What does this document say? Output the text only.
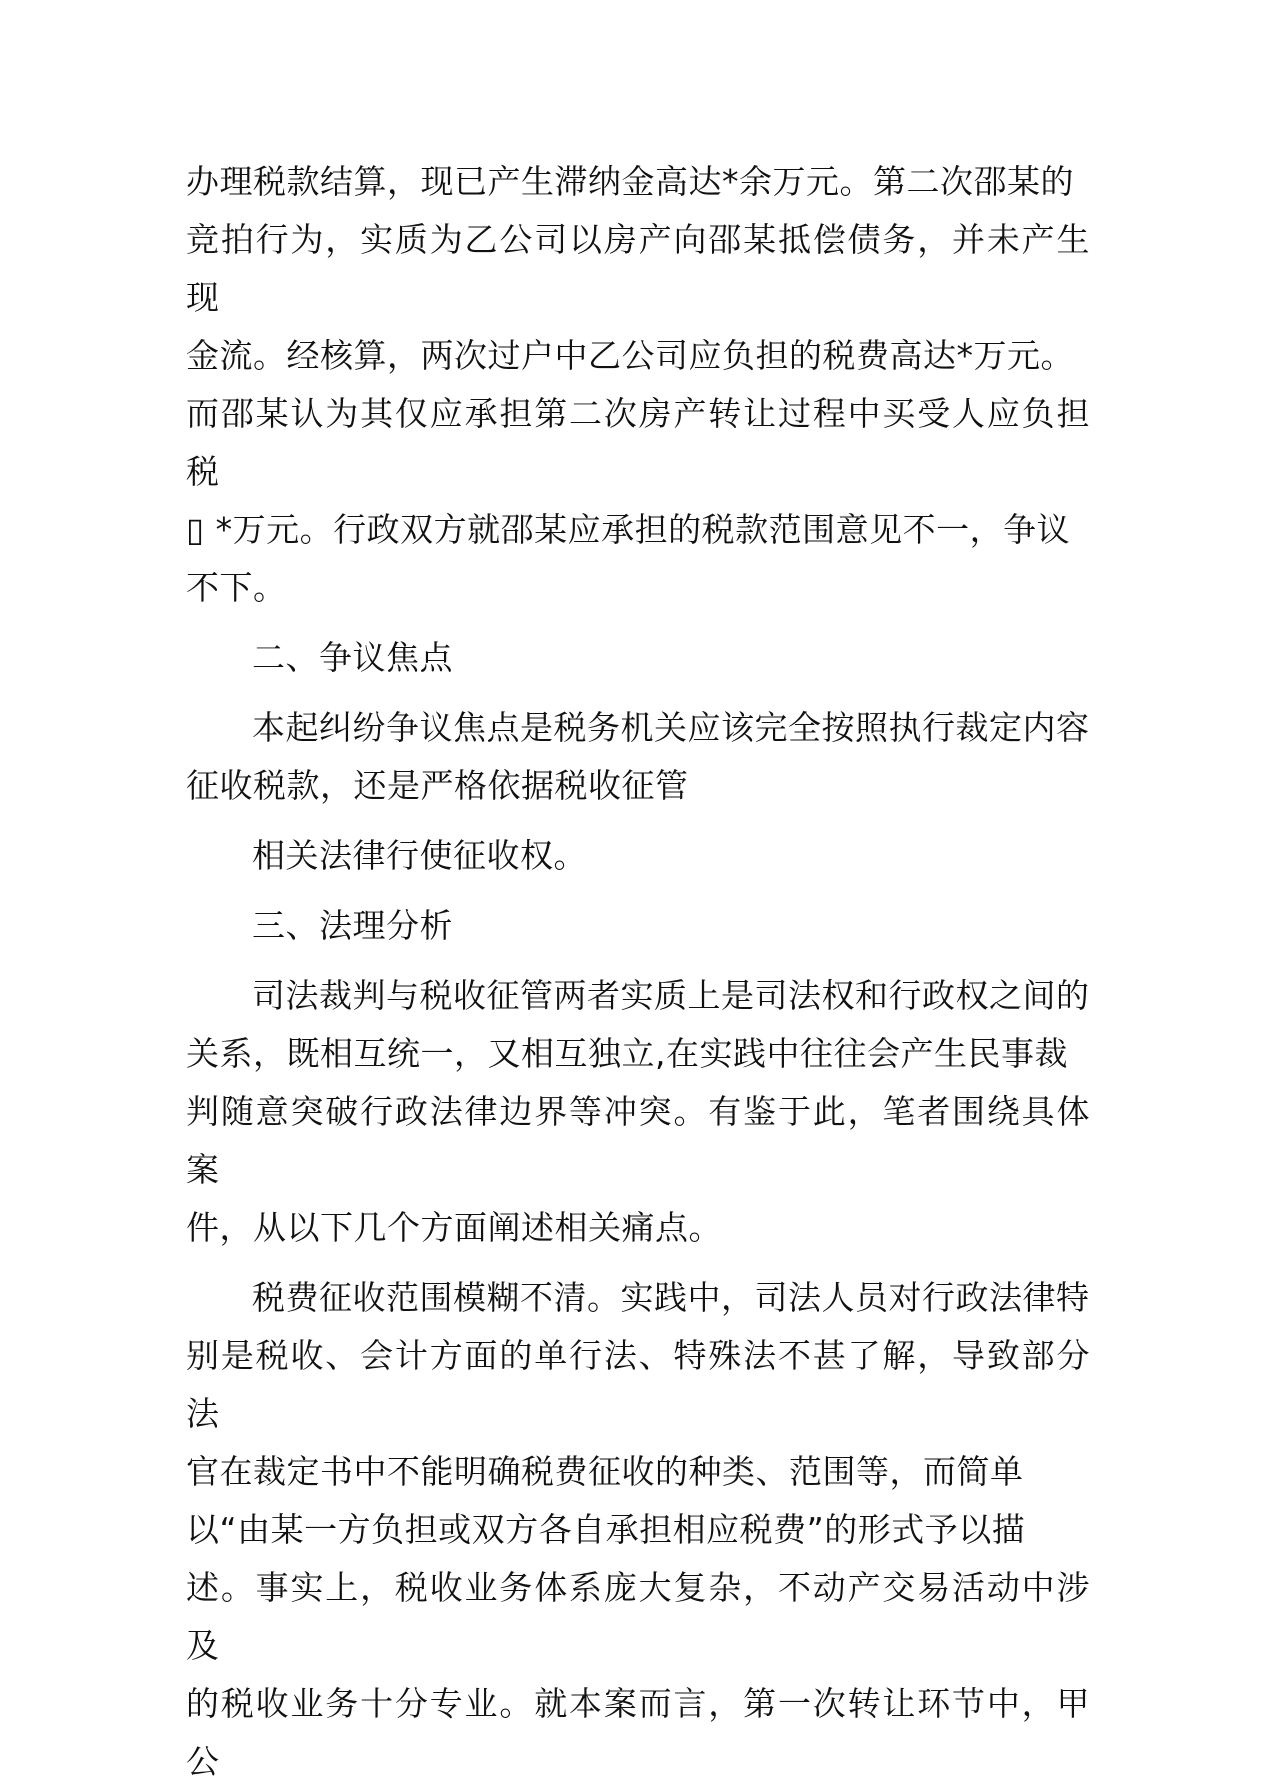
办理税款结算，现已产生滞纳金高达*余万元。第二次邵某的

竞拍行为，实质为乙公司以房产向邵某抵偿债务，并未产生现

金流。经核算，两次过户中乙公司应负担的税费高达*万元。

而邵某认为其仅应承担第二次房产转让过程中买受人应负担税

▯ *万元。行政双方就邵某应承担的税款范围意见不一，争议

不下。

二、争议焦点

本起纠纷争议焦点是税务机关应该完全按照执行裁定内容

征收税款，还是严格依据税收征管

相关法律行使征收权。

三、法理分析

司法裁判与税收征管两者实质上是司法权和行政权之间的

关系，既相互统一，又相互独立,在实践中往往会产生民事裁

判随意突破行政法律边界等冲突。有鉴于此，笔者围绕具体案

件，从以下几个方面阐述相关痛点。

税费征收范围模糊不清。实践中，司法人员对行政法律特

别是税收、会计方面的单行法、特殊法不甚了解，导致部分法

官在裁定书中不能明确税费征收的种类、范围等，而简单

以“由某一方负担或双方各自承担相应税费”的形式予以描

述。事实上，税收业务体系庞大复杂，不动产交易活动中涉及

的税收业务十分专业。就本案而言，第一次转让环节中，甲公
